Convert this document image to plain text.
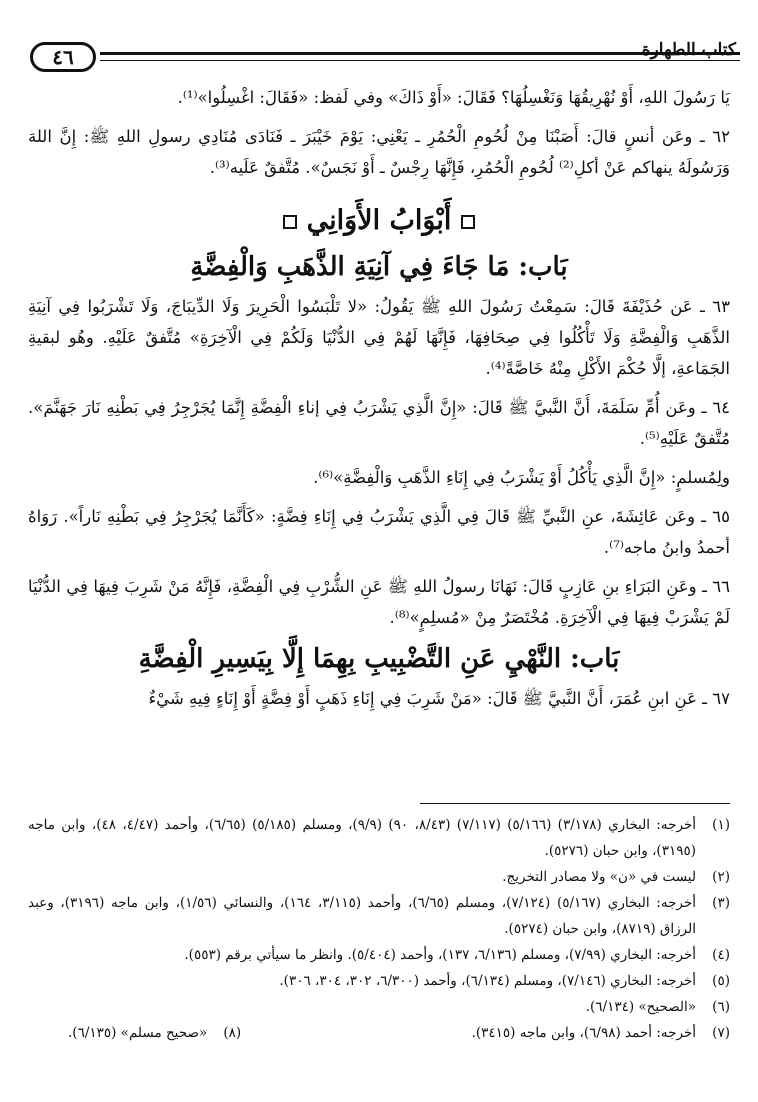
كتاب الطهارة
٤٦

يَا رَسُولَ اللهِ، أَوْ نُهْرِيقُهَا وَنَغْسِلُهَا؟ فَقَالَ: «أَوْ ذَاكَ» وفي لَفظ: «فَقَالَ: اغْسِلُوا»⁽¹⁾.

٦٢ ـ وعَن أنسٍ قالَ: أَصَبْنَا مِنْ لُحُومِ الْحُمُرِ ـ يَعْنِي: يَوْمَ خَيْبَرَ ـ فَنَادَى مُنَادِي رسولِ اللهِ ﷺ: إِنَّ اللهَ وَرَسُولَهُ ينهاكم عَنْ أكلِ⁽²⁾ لُحُومِ الْحُمُرِ، فَإِنَّهَا رِجْسٌ ـ أَوْ نَجَسٌ». مُتَّفقٌ عَلَيه⁽³⁾.

أَبْوَابُ الأَوَانِي
بَاب: مَا جَاءَ فِي آنِيَةِ الذَّهَبِ وَالْفِضَّةِ

٦٣ ـ عَن حُذَيْفَةَ قَالَ: سَمِعْتُ رَسُولَ اللهِ ﷺ يَقُولُ: «لا تَلْبَسُوا الْحَرِيرَ وَلَا الدِّيبَاجَ، وَلَا تَشْرَبُوا فِي آنِيَةِ الذَّهَبِ وَالْفِضَّةِ وَلَا تَأْكُلُوا فِي صِحَافِهَا، فَإِنَّهَا لَهُمْ فِي الدُّنْيَا وَلَكُمْ فِي الْآخِرَةِ» مُتَّفقٌ عَلَيْهِ. وهُو لبقيةِ الجَمَاعةِ، إلَّا حُكْمَ الأَكْلِ مِنْهُ خَاصَّةً⁽⁴⁾.

٦٤ ـ وعَن أُمِّ سَلَمَةَ، أَنَّ النَّبيَّ ﷺ قَالَ: «إِنَّ الَّذِي يَشْرَبُ فِي إناءِ الْفِضَّةِ إِنَّمَا يُجَرْجِرُ فِي بَطْنِهِ نَارَ جَهَنَّمَ». مُتَّفقٌ عَلَيْهِ⁽⁵⁾.

ولِمُسلمٍ: «إِنَّ الَّذِي يَأْكُلُ أَوْ يَشْرَبُ فِي إِنَاءِ الذَّهَبِ وَالْفِضَّةِ»⁽⁶⁾.

٦٥ ـ وعَن عَائِشَةَ، عنِ النَّبيِّ ﷺ قَالَ فِي الَّذِي يَشْرَبُ فِي إِنَاءِ فِضَّةٍ: «كَأَنَّمَا يُجَرْجِرُ فِي بَطْنِهِ نَاراً». رَوَاهُ أحمدُ وابنُ ماجه⁽⁷⁾.

٦٦ ـ وعَنِ البَرَاءِ بنِ عَازِبٍ قَالَ: نَهَانَا رسولُ اللهِ ﷺ عَنِ الشُّرْبِ فِي الْفِضَّةِ، فَإِنَّهُ مَنْ شَرِبَ فِيهَا فِي الدُّنْيَا لَمْ يَشْرَبْ فِيهَا فِي الْآخِرَةِ. مُخْتَصَرٌ مِنْ «مُسلِمٍ»⁽⁸⁾.

بَاب: النَّهْيِ عَنِ التَّضْبِيبِ بِهِمَا إِلَّا بِيَسِيرِ الْفِضَّةِ

٦٧ ـ عَنِ ابنِ عُمَرَ، أَنَّ النَّبيَّ ﷺ قَالَ: «مَنْ شَرِبَ فِي إِنَاءِ ذَهَبٍ أَوْ فِضَّةٍ أَوْ إِنَاءٍ فِيهِ شَيْءٌ

(١)
أخرجه: البخاري (٣/١٧٨) (٥/١٦٦) (٧/١١٧) (٨/٤٣، ٩٠) (٩/٩)، ومسلم (٥/١٨٥) (٦/٦٥)، وأحمد (٤/٤٧، ٤٨)، وابن ماجه (٣١٩٥)، وابن حبان (٥٢٧٦).
(٢)
ليست في «ن» ولا مصادر التخريج.
(٣)
أخرجه: البخاري (٥/١٦٧) (٧/١٢٤)، ومسلم (٦/٦٥)، وأحمد (٣/١١٥، ١٦٤)، والنسائي (١/٥٦)، وابن ماجه (٣١٩٦)، وعبد الرزاق (٨٧١٩)، وابن حبان (٥٢٧٤).
(٤)
أخرجه: البخاري (٧/٩٩)، ومسلم (٦/١٣٦، ١٣٧)، وأحمد (٥/٤٠٤). وانظر ما سيأتي برقم (٥٥٣).
(٥)
أخرجه: البخاري (٧/١٤٦)، ومسلم (٦/١٣٤)، وأحمد (٦/٣٠٠، ٣٠٢، ٣٠٤، ٣٠٦).
(٦)
«الصحيح» (٦/١٣٤).
(٧)
أخرجه: أحمد (٦/٩٨)، وابن ماجه (٣٤١٥).
(٨)
«صحيح مسلم» (٦/١٣٥).
